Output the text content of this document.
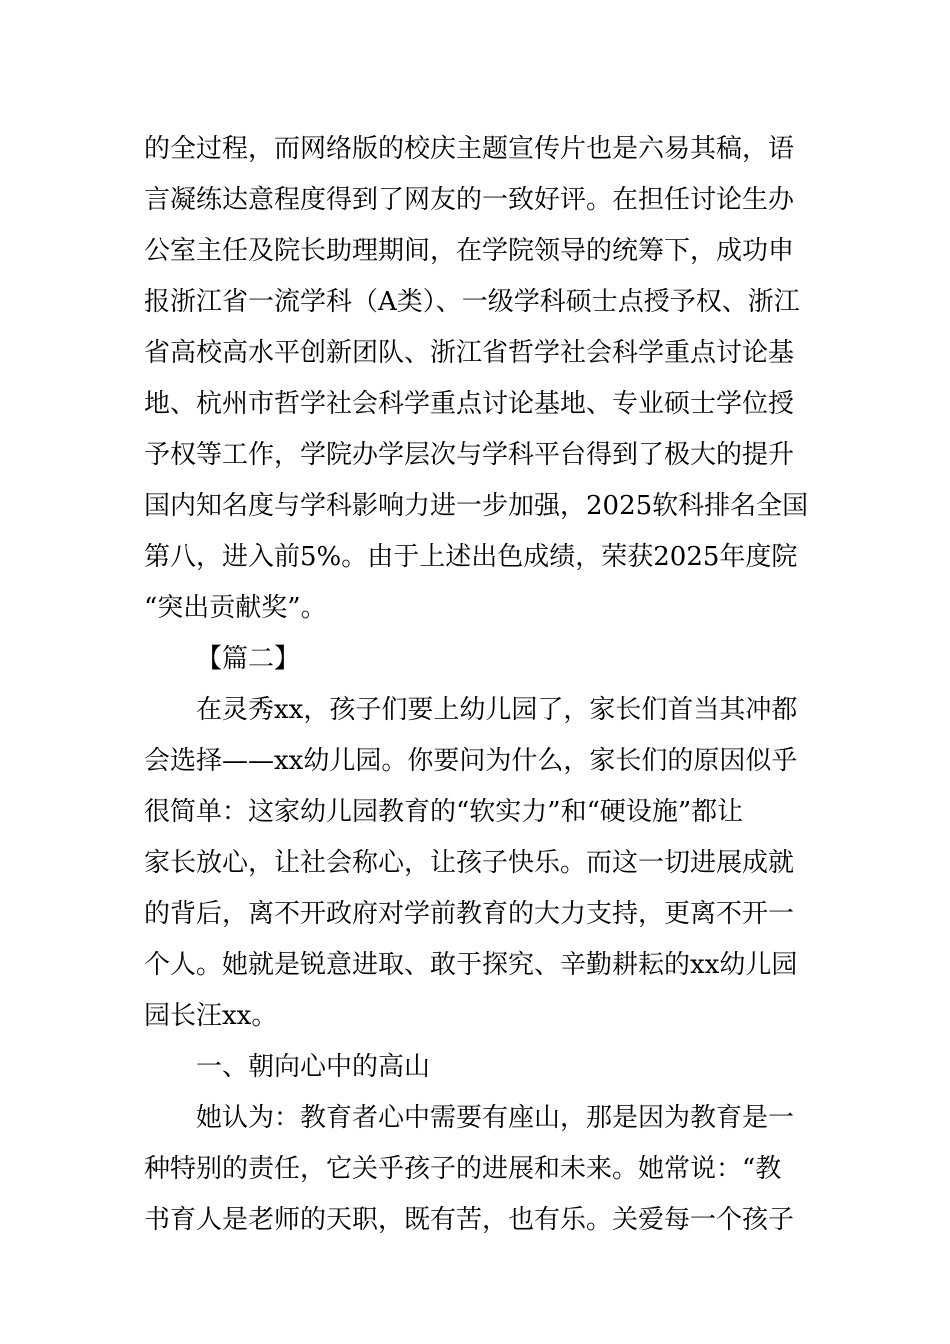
的全过程，而网络版的校庆主题宣传片也是六易其稿，语
言凝练达意程度得到了网友的一致好评。在担任讨论生办
公室主任及院长助理期间，在学院领导的统筹下，成功申
报浙江省一流学科（A类）、一级学科硕士点授予权、浙江
省高校高水平创新团队、浙江省哲学社会科学重点讨论基
地、杭州市哲学社会科学重点讨论基地、专业硕士学位授
予权等工作，学院办学层次与学科平台得到了极大的提升
国内知名度与学科影响力进一步加强，2025软科排名全国
第八，进入前5%。由于上述出色成绩，荣获2025年度院
“突出贡献奖”。
【篇二】
在灵秀xx，孩子们要上幼儿园了，家长们首当其冲都
会选择——xx幼儿园。你要问为什么，家长们的原因似乎
很简单：这家幼儿园教育的“软实力”和“硬设施”都让
家长放心，让社会称心，让孩子快乐。而这一切进展成就
的背后，离不开政府对学前教育的大力支持，更离不开一
个人。她就是锐意进取、敢于探究、辛勤耕耘的xx幼儿园
园长汪xx。
一、朝向心中的高山
她认为：教育者心中需要有座山，那是因为教育是一
种特别的责任，它关乎孩子的进展和未来。她常说：“教
书育人是老师的天职，既有苦，也有乐。关爱每一个孩子
